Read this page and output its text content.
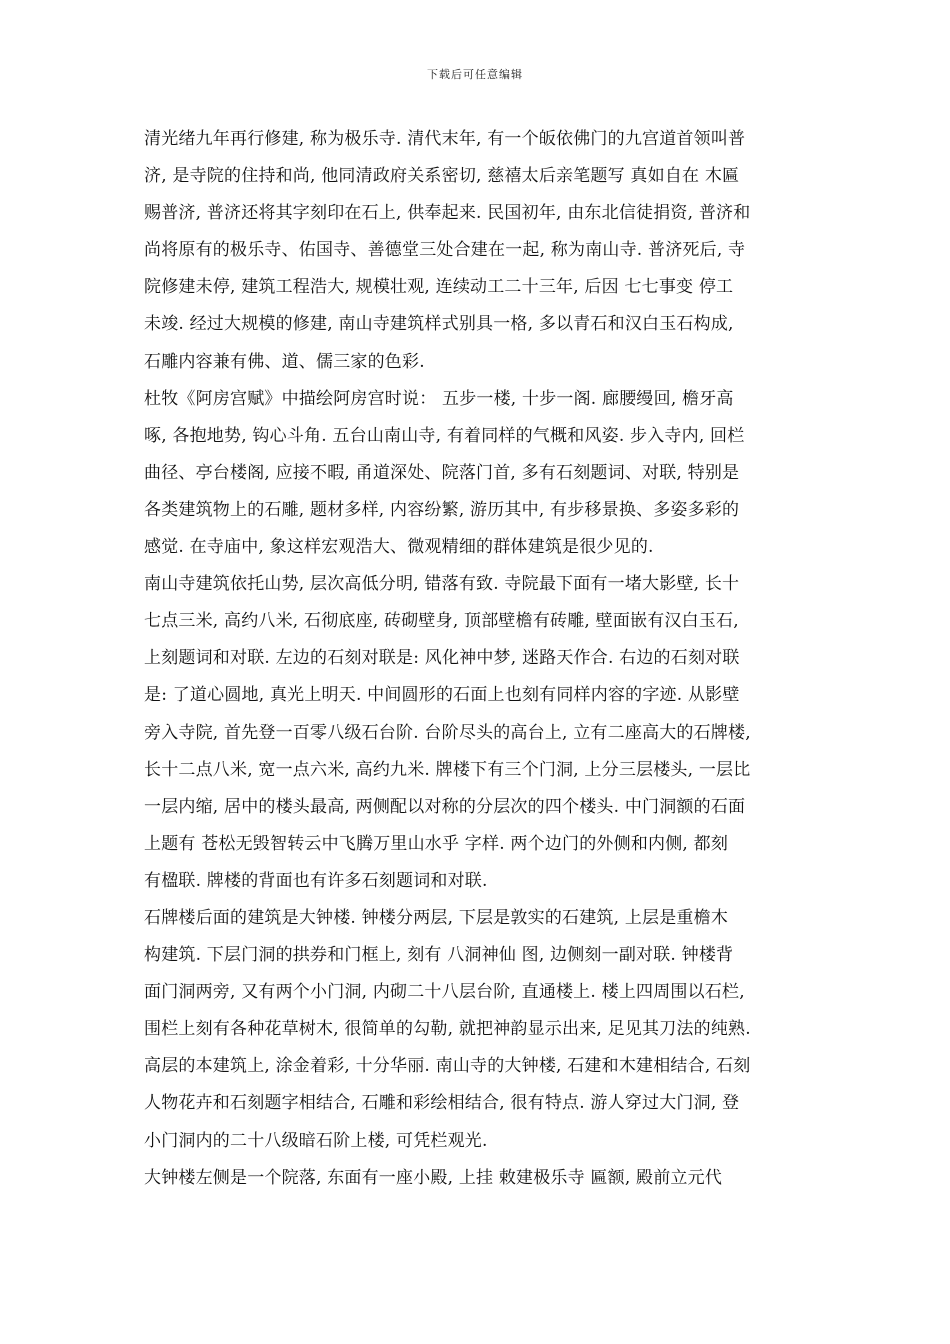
下载后可任意编辑
清光绪九年再行修建, 称为极乐寺. 清代末年, 有一个皈依佛门的九宫道首领叫普
济, 是寺院的住持和尚, 他同清政府关系密切, 慈禧太后亲笔题写 真如自在 木匾
赐普济, 普济还将其字刻印在石上, 供奉起来. 民国初年, 由东北信徒捐资, 普济和
尚将原有的极乐寺、佑国寺、善德堂三处合建在一起, 称为南山寺. 普济死后, 寺
院修建未停, 建筑工程浩大, 规模壮观, 连续动工二十三年, 后因 七七事变 停工
未竣. 经过大规模的修建, 南山寺建筑样式别具一格, 多以青石和汉白玉石构成,
石雕内容兼有佛、道、儒三家的色彩.
杜牧《阿房宫赋》中描绘阿房宫时说： 五步一楼, 十步一阁. 廊腰缦回, 檐牙高
啄, 各抱地势, 钩心斗角. 五台山南山寺, 有着同样的气概和风姿. 步入寺内, 回栏
曲径、亭台楼阁, 应接不暇, 甬道深处、院落门首, 多有石刻题词、对联, 特别是
各类建筑物上的石雕, 题材多样, 内容纷繁, 游历其中, 有步移景换、多姿多彩的
感觉. 在寺庙中, 象这样宏观浩大、微观精细的群体建筑是很少见的.
南山寺建筑依托山势, 层次高低分明, 错落有致. 寺院最下面有一堵大影壁, 长十
七点三米, 高约八米, 石彻底座, 砖砌壁身, 顶部壁檐有砖雕, 壁面嵌有汉白玉石,
上刻题词和对联. 左边的石刻对联是: 风化神中梦, 迷路天作合. 右边的石刻对联
是: 了道心圆地, 真光上明天. 中间圆形的石面上也刻有同样内容的字迹. 从影壁
旁入寺院, 首先登一百零八级石台阶. 台阶尽头的高台上, 立有二座高大的石牌楼,
长十二点八米, 宽一点六米, 高约九米. 牌楼下有三个门洞, 上分三层楼头, 一层比
一层内缩, 居中的楼头最高, 两侧配以对称的分层次的四个楼头. 中门洞额的石面
上题有 苍松无毁智转云中飞腾万里山水乎 字样. 两个边门的外侧和内侧, 都刻
有楹联. 牌楼的背面也有许多石刻题词和对联.
石牌楼后面的建筑是大钟楼. 钟楼分两层, 下层是敦实的石建筑, 上层是重檐木
构建筑. 下层门洞的拱券和门框上, 刻有 八洞神仙 图, 边侧刻一副对联. 钟楼背
面门洞两旁, 又有两个小门洞, 内砌二十八层台阶, 直通楼上. 楼上四周围以石栏,
围栏上刻有各种花草树木, 很简单的勾勒, 就把神韵显示出来, 足见其刀法的纯熟.
高层的本建筑上, 涂金着彩, 十分华丽. 南山寺的大钟楼, 石建和木建相结合, 石刻
人物花卉和石刻题字相结合, 石雕和彩绘相结合, 很有特点. 游人穿过大门洞, 登
小门洞内的二十八级暗石阶上楼, 可凭栏观光.
大钟楼左侧是一个院落, 东面有一座小殿, 上挂 敕建极乐寺 匾额, 殿前立元代
